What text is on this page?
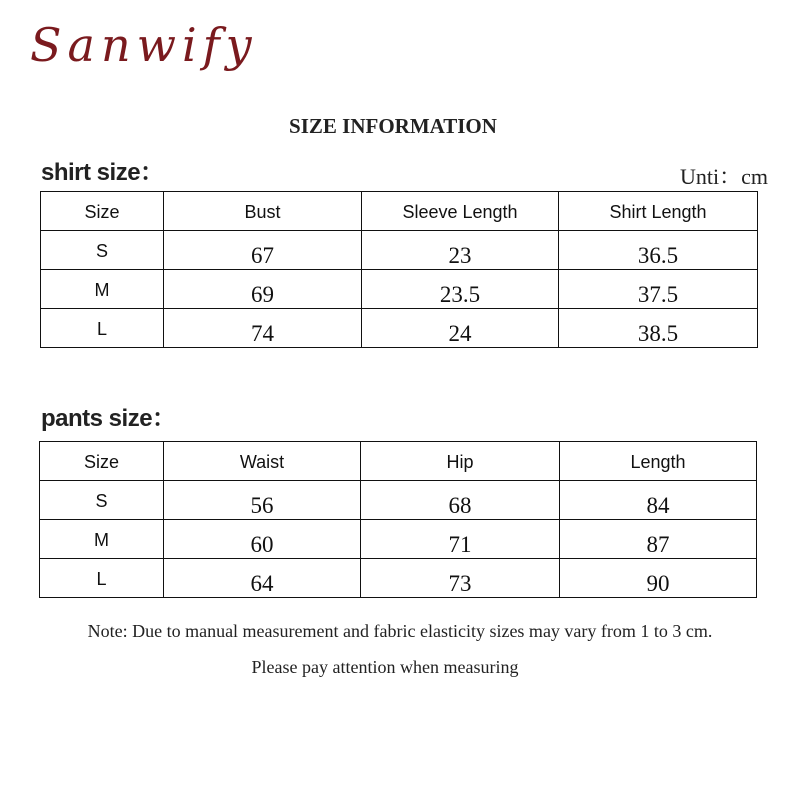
Sanwify
SIZE INFORMATION
shirt size：	Unti：cm
Size	Bust	Sleeve Length	Shirt Length
S	67	23	36.5
M	69	23.5	37.5
L	74	24	38.5
pants size：
Size	Waist	Hip	Length
S	56	68	84
M	60	71	87
L	64	73	90
Note: Due to manual measurement and fabric elasticity sizes may vary from 1 to 3 cm.
Please pay attention when measuring
